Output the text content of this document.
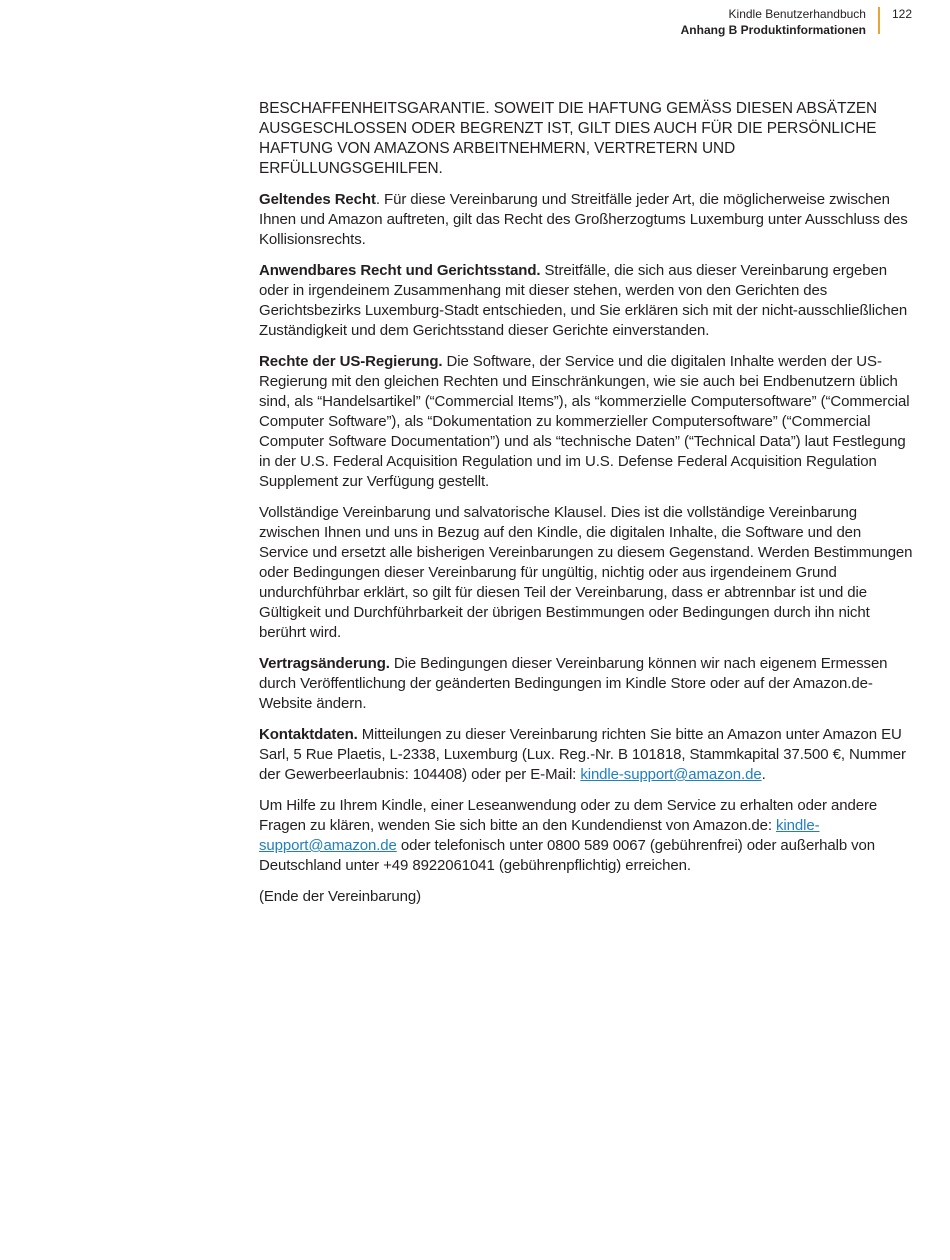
Kindle Benutzerhandbuch
Anhang B Produktinformationen
122

BESCHAFFENHEITSGARANTIE. SOWEIT DIE HAFTUNG GEMÄSS DIESEN ABSÄTZEN AUSGESCHLOSSEN ODER BEGRENZT IST, GILT DIES AUCH FÜR DIE PERSÖNLICHE HAFTUNG VON AMAZONS ARBEITNEHMERN, VERTRETERN UND ERFÜLLUNGSGEHILFEN.

Geltendes Recht. Für diese Vereinbarung und Streitfälle jeder Art, die möglicherweise zwischen Ihnen und Amazon auftreten, gilt das Recht des Großherzogtums Luxemburg unter Ausschluss des Kollisionsrechts.

Anwendbares Recht und Gerichtsstand. Streitfälle, die sich aus dieser Vereinbarung ergeben oder in irgendeinem Zusammenhang mit dieser stehen, werden von den Gerichten des Gerichtsbezirks Luxemburg-Stadt entschieden, und Sie erklären sich mit der nicht-ausschließlichen Zuständigkeit und dem Gerichtsstand dieser Gerichte einverstanden.

Rechte der US-Regierung. Die Software, der Service und die digitalen Inhalte werden der US-Regierung mit den gleichen Rechten und Einschränkungen, wie sie auch bei Endbenutzern üblich sind, als “Handelsartikel” (“Commercial Items”), als “kommerzielle Computersoftware” (“Commercial Computer Software”), als “Dokumentation zu kommerzieller Computersoftware” (“Commercial Computer Software Documentation”) und als “technische Daten” (“Technical Data”) laut Festlegung in der U.S. Federal Acquisition Regulation und im U.S. Defense Federal Acquisition Regulation Supplement zur Verfügung gestellt.

Vollständige Vereinbarung und salvatorische Klausel. Dies ist die vollständige Vereinbarung zwischen Ihnen und uns in Bezug auf den Kindle, die digitalen Inhalte, die Software und den Service und ersetzt alle bisherigen Vereinbarungen zu diesem Gegenstand. Werden Bestimmungen oder Bedingungen dieser Vereinbarung für ungültig, nichtig oder aus irgendeinem Grund undurchführbar erklärt, so gilt für diesen Teil der Vereinbarung, dass er abtrennbar ist und die Gültigkeit und Durchführbarkeit der übrigen Bestimmungen oder Bedingungen durch ihn nicht berührt wird.

Vertragsänderung. Die Bedingungen dieser Vereinbarung können wir nach eigenem Ermessen durch Veröffentlichung der geänderten Bedingungen im Kindle Store oder auf der Amazon.de-Website ändern.

Kontaktdaten. Mitteilungen zu dieser Vereinbarung richten Sie bitte an Amazon unter Amazon EU Sarl, 5 Rue Plaetis, L-2338, Luxemburg (Lux. Reg.-Nr. B 101818, Stammkapital 37.500 €, Nummer der Gewerbeerlaubnis: 104408) oder per E-Mail: kindle-support@amazon.de.

Um Hilfe zu Ihrem Kindle, einer Leseanwendung oder zu dem Service zu erhalten oder andere Fragen zu klären, wenden Sie sich bitte an den Kundendienst von Amazon.de: kindle-support@amazon.de oder telefonisch unter 0800 589 0067 (gebührenfrei) oder außerhalb von Deutschland unter +49 8922061041 (gebührenpflichtig) erreichen.

(Ende der Vereinbarung)
